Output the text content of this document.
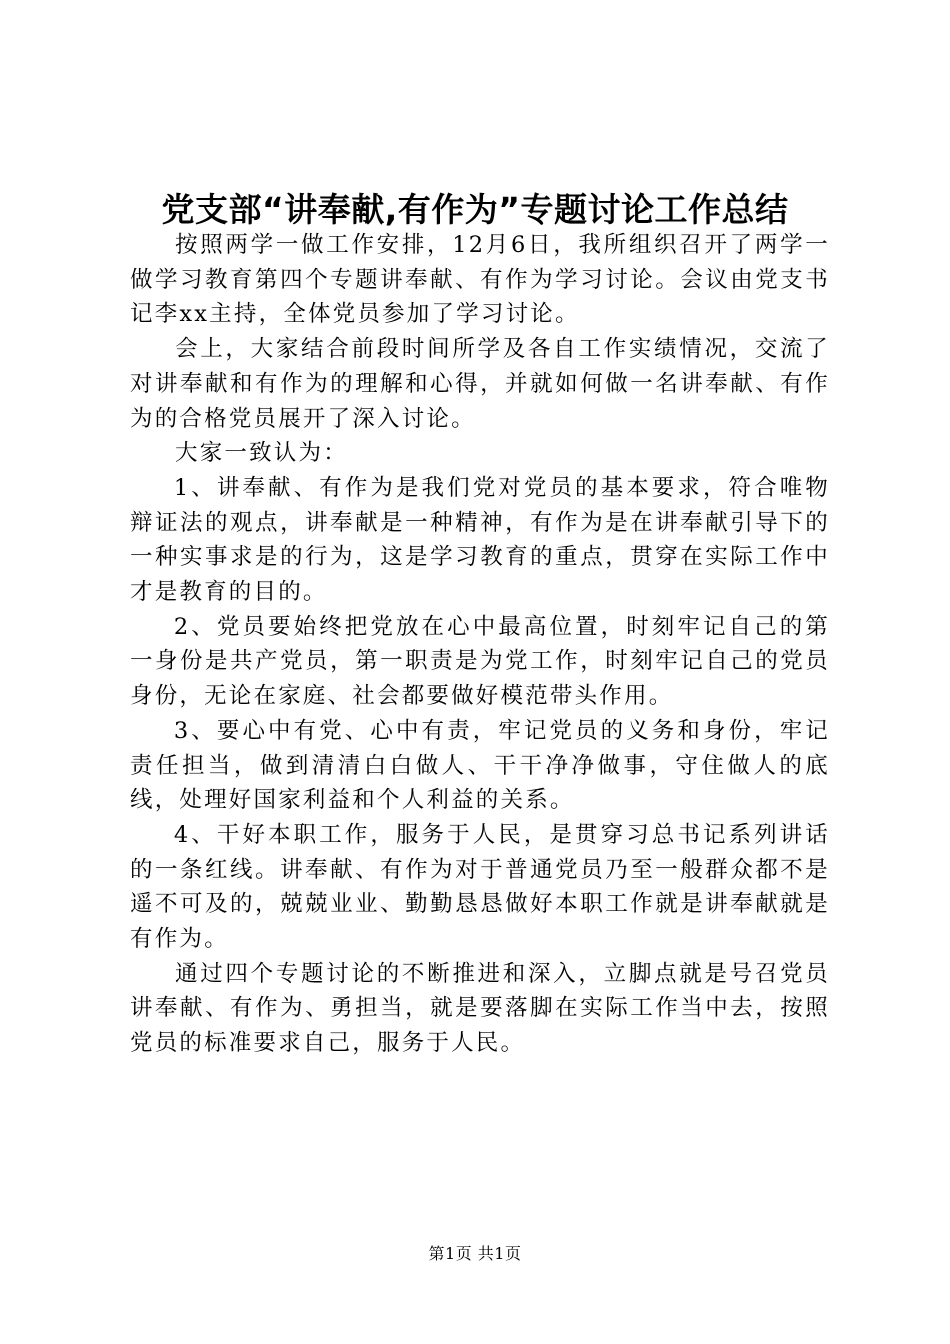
党支部“讲奉献,有作为”专题讨论工作总结

按照两学一做工作安排，12月6日，我所组织召开了两学一做学习教育第四个专题讲奉献、有作为学习讨论。会议由党支书记李xx主持，全体党员参加了学习讨论。

会上，大家结合前段时间所学及各自工作实绩情况，交流了对讲奉献和有作为的理解和心得，并就如何做一名讲奉献、有作为的合格党员展开了深入讨论。

大家一致认为：

1、讲奉献、有作为是我们党对党员的基本要求，符合唯物辩证法的观点，讲奉献是一种精神，有作为是在讲奉献引导下的一种实事求是的行为，这是学习教育的重点，贯穿在实际工作中才是教育的目的。

2、党员要始终把党放在心中最高位置，时刻牢记自己的第一身份是共产党员，第一职责是为党工作，时刻牢记自己的党员身份，无论在家庭、社会都要做好模范带头作用。

3、要心中有党、心中有责，牢记党员的义务和身份，牢记责任担当，做到清清白白做人、干干净净做事，守住做人的底线，处理好国家利益和个人利益的关系。

4、干好本职工作，服务于人民，是贯穿习总书记系列讲话的一条红线。讲奉献、有作为对于普通党员乃至一般群众都不是遥不可及的，兢兢业业、勤勤恳恳做好本职工作就是讲奉献就是有作为。

通过四个专题讨论的不断推进和深入，立脚点就是号召党员讲奉献、有作为、勇担当，就是要落脚在实际工作当中去，按照党员的标准要求自己，服务于人民。

第1页 共1页
